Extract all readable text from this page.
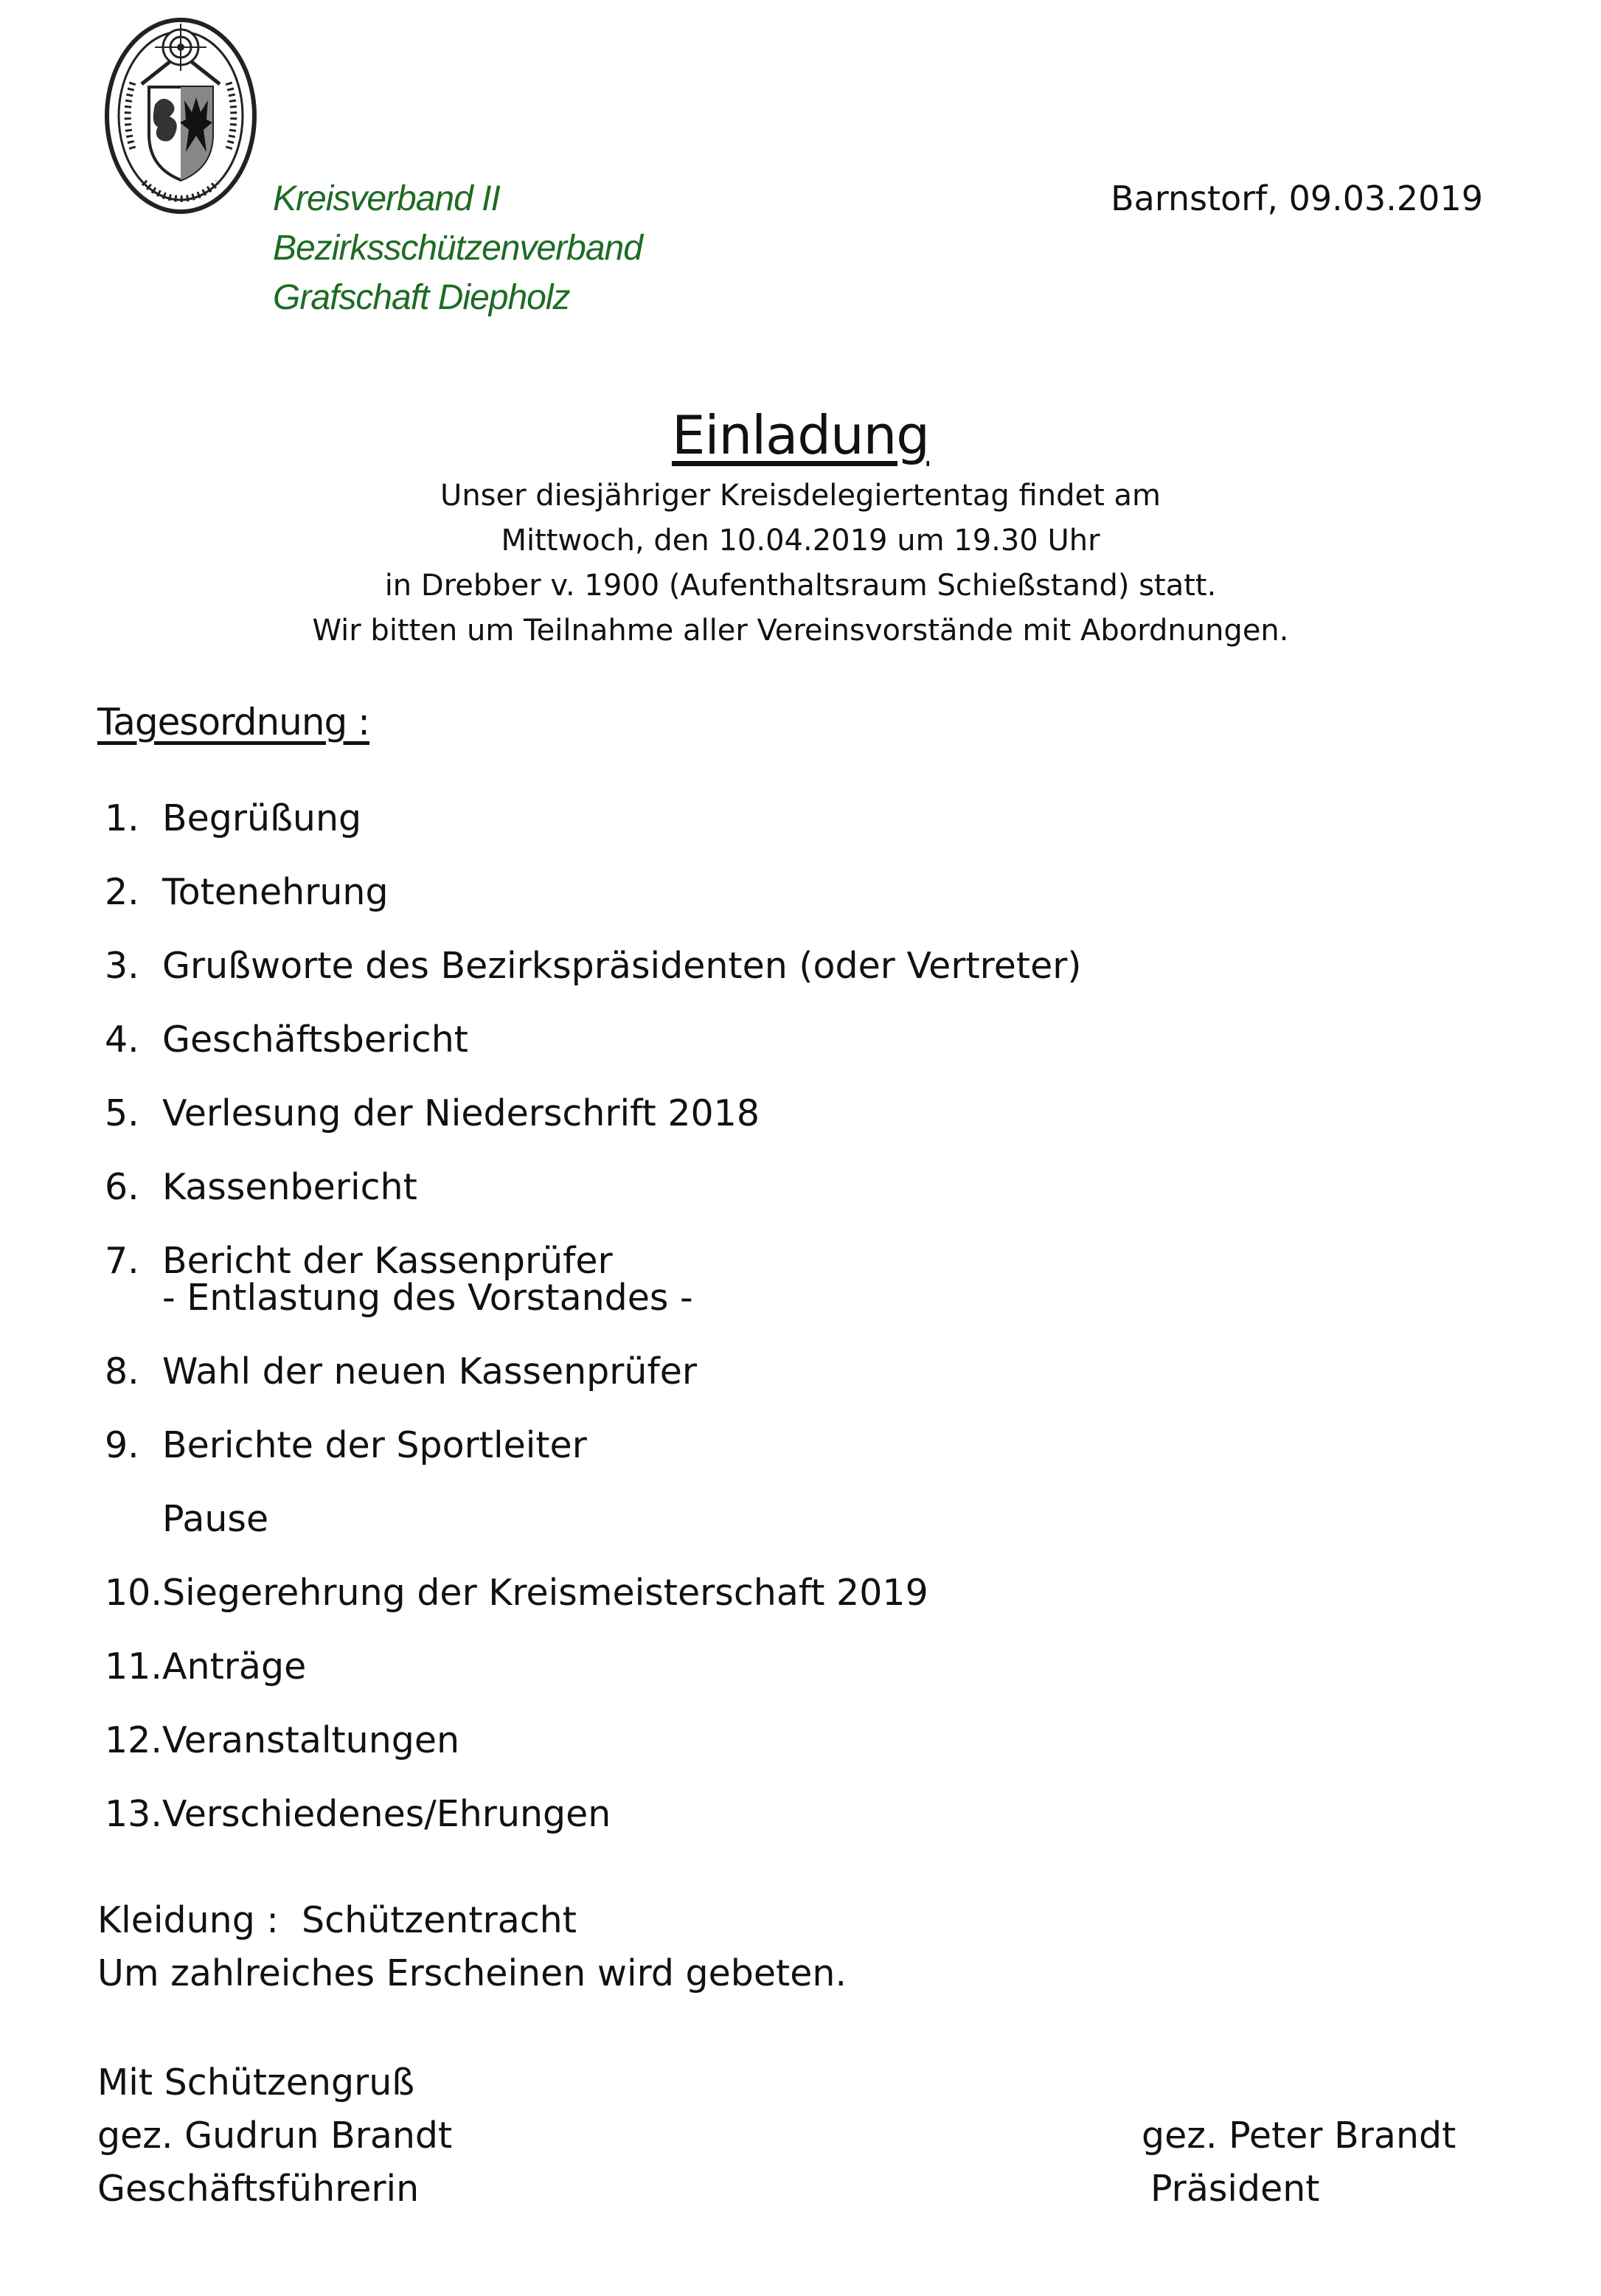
Kreisverband II
Bezirksschützenverband
Grafschaft Diepholz
Barnstorf, 09.03.2019
Einladung
Unser diesjähriger Kreisdelegiertentag findet am
Mittwoch, den 10.04.2019 um 19.30 Uhr
in Drebber v. 1900 (Aufenthaltsraum Schießstand) statt.
Wir bitten um Teilnahme aller Vereinsvorstände mit Abordnungen.
Tagesordnung :
1. Begrüßung
2. Totenehrung
3. Grußworte des Bezirkspräsidenten (oder Vertreter)
4. Geschäftsbericht
5. Verlesung der Niederschrift 2018
6. Kassenbericht
7. Bericht der Kassenprüfer
- Entlastung des Vorstandes -
8. Wahl der neuen Kassenprüfer
9. Berichte der Sportleiter
Pause
10. Siegerehrung der Kreismeisterschaft 2019
11. Anträge
12. Veranstaltungen
13. Verschiedenes/Ehrungen
Kleidung :  Schützentracht
Um zahlreiches Erscheinen wird gebeten.
Mit Schützengruß
gez. Gudrun Brandt
Geschäftsführerin
gez. Peter Brandt
Präsident
